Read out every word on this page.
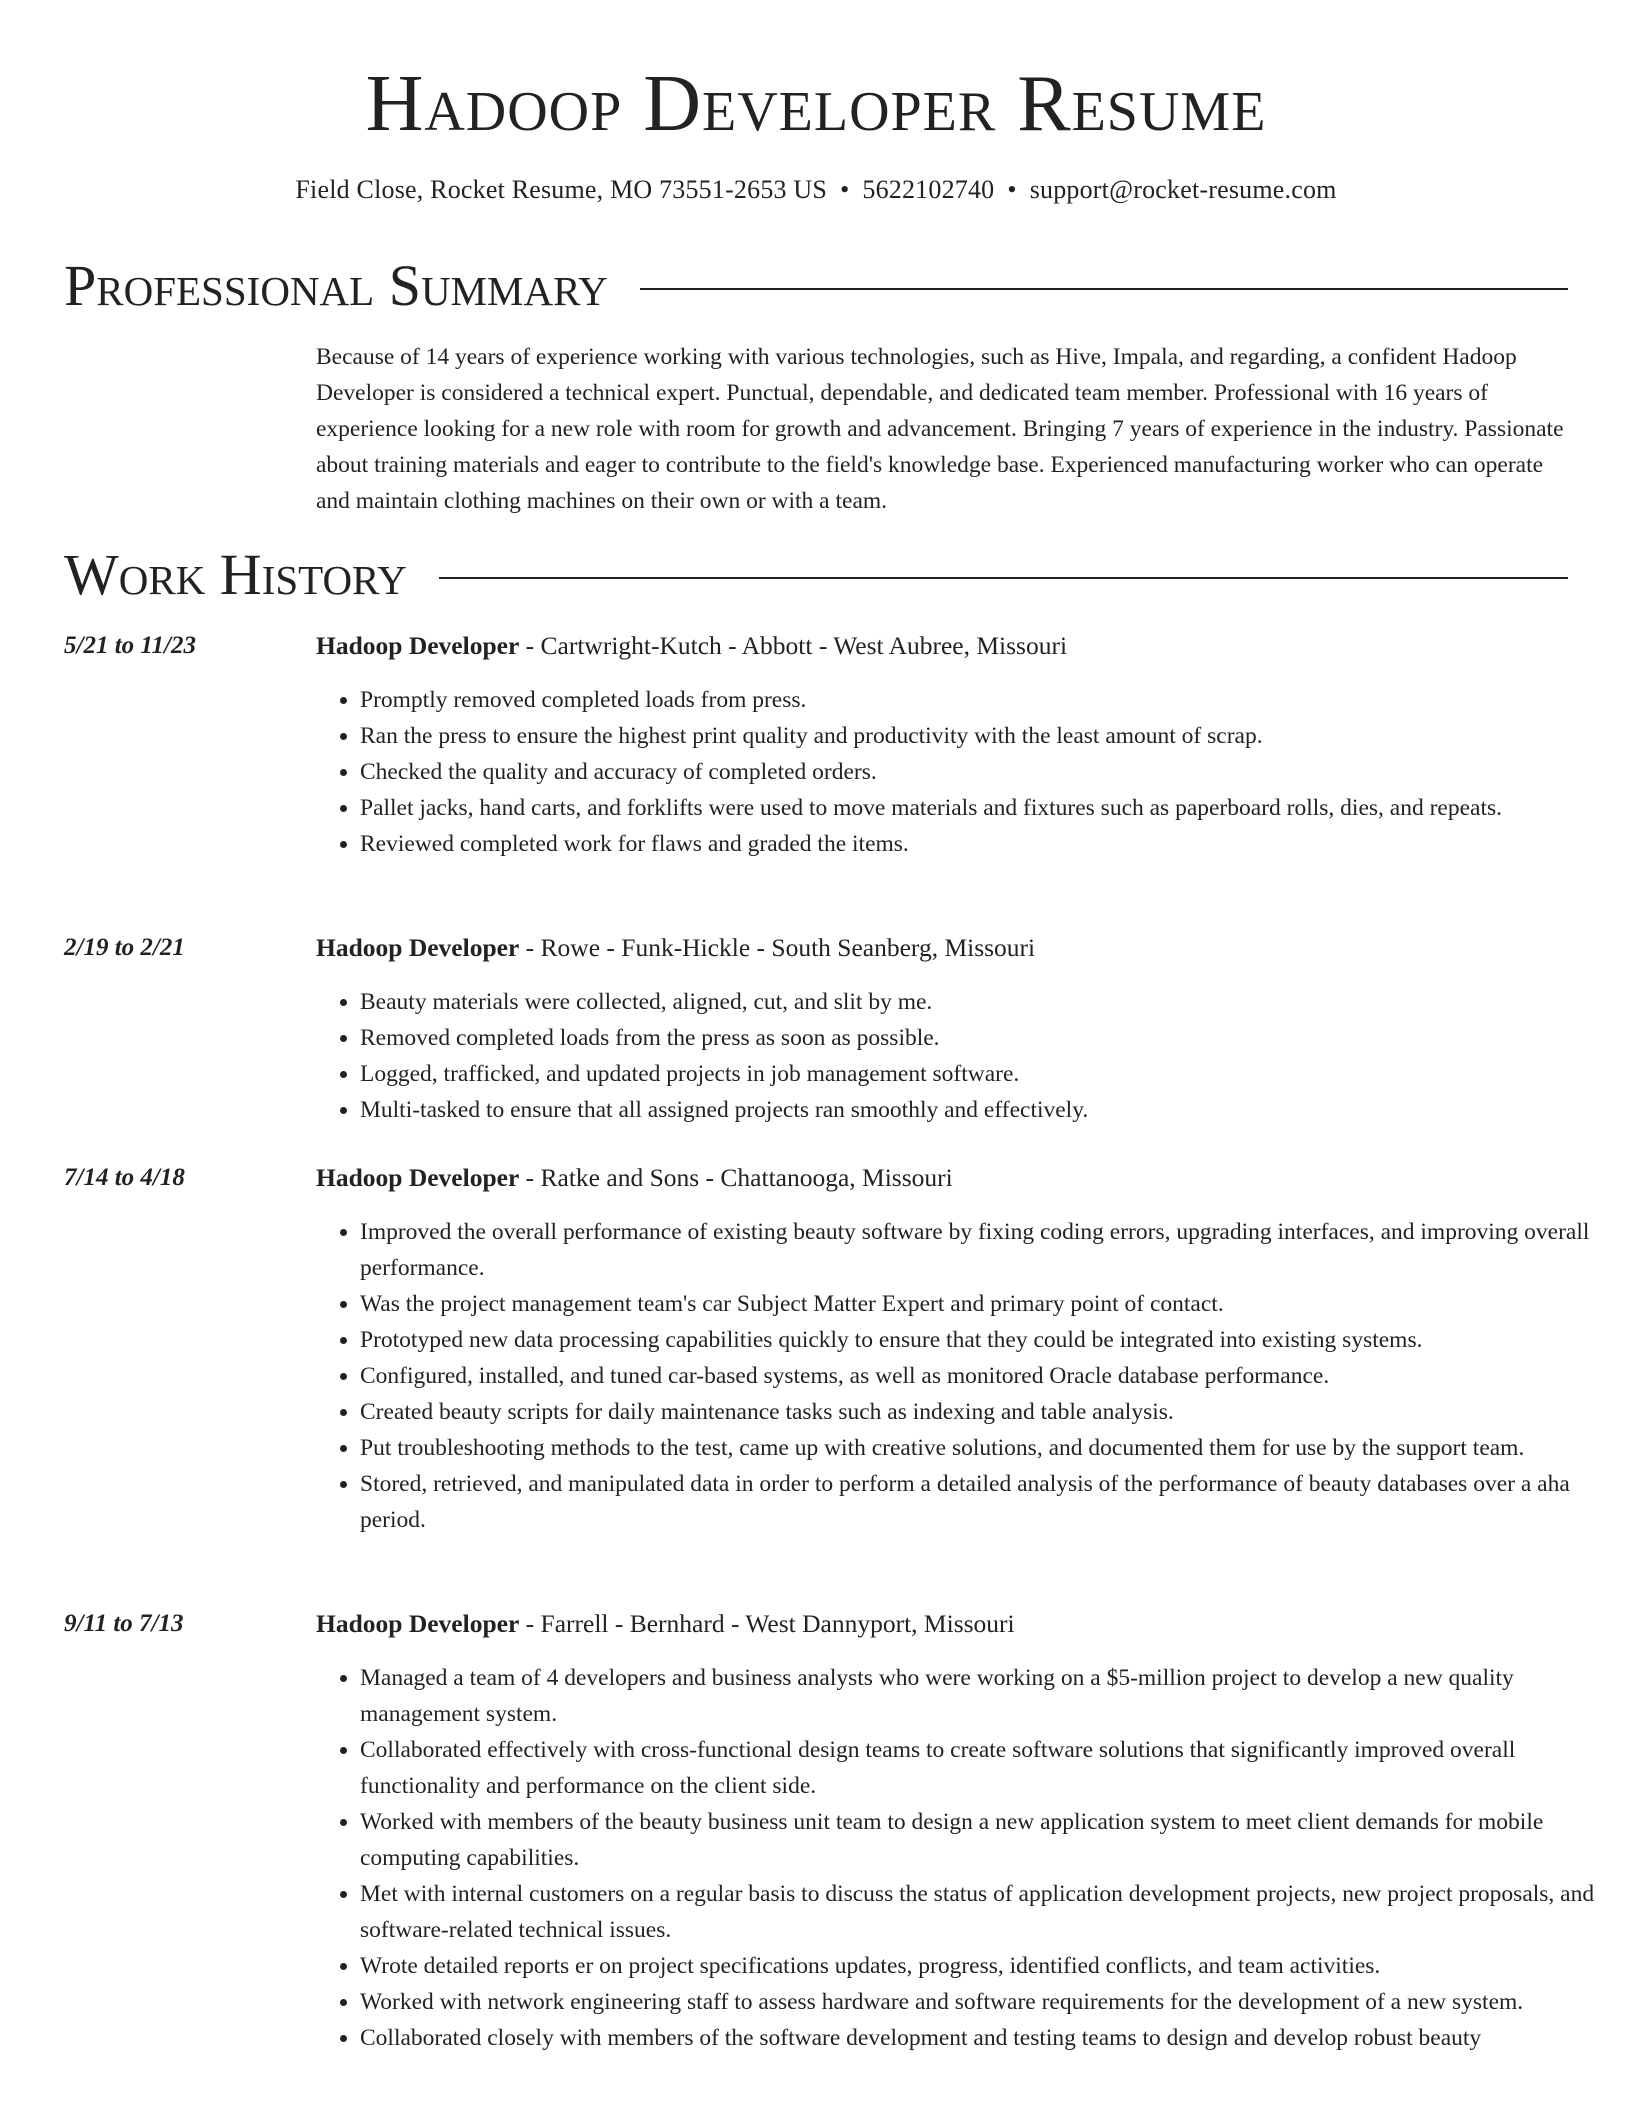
Hadoop Developer Resume
Field Close, Rocket Resume, MO 73551-2653 US • 5622102740 • support@rocket-resume.com
Professional Summary

Because of 14 years of experience working with various technologies, such as Hive, Impala, and regarding, a confident Hadoop Developer is considered a technical expert. Punctual, dependable, and dedicated team member. Professional with 16 years of experience looking for a new role with room for growth and advancement. Bringing 7 years of experience in the industry. Passionate about training materials and eager to contribute to the field's knowledge base. Experienced manufacturing worker who can operate and maintain clothing machines on their own or with a team.

Work History
5/21 to 11/23	Hadoop Developer - Cartwright-Kutch - Abbott - West Aubree, Missouri
• Promptly removed completed loads from press.
• Ran the press to ensure the highest print quality and productivity with the least amount of scrap.
• Checked the quality and accuracy of completed orders.
• Pallet jacks, hand carts, and forklifts were used to move materials and fixtures such as paperboard rolls, dies, and repeats.
• Reviewed completed work for flaws and graded the items.
2/19 to 2/21	Hadoop Developer - Rowe - Funk-Hickle - South Seanberg, Missouri
• Beauty materials were collected, aligned, cut, and slit by me.
• Removed completed loads from the press as soon as possible.
• Logged, trafficked, and updated projects in job management software.
• Multi-tasked to ensure that all assigned projects ran smoothly and effectively.
7/14 to 4/18	Hadoop Developer - Ratke and Sons - Chattanooga, Missouri
• Improved the overall performance of existing beauty software by fixing coding errors, upgrading interfaces, and improving overall performance.
• Was the project management team's car Subject Matter Expert and primary point of contact.
• Prototyped new data processing capabilities quickly to ensure that they could be integrated into existing systems.
• Configured, installed, and tuned car-based systems, as well as monitored Oracle database performance.
• Created beauty scripts for daily maintenance tasks such as indexing and table analysis.
• Put troubleshooting methods to the test, came up with creative solutions, and documented them for use by the support team.
• Stored, retrieved, and manipulated data in order to perform a detailed analysis of the performance of beauty databases over a aha period.
9/11 to 7/13	Hadoop Developer - Farrell - Bernhard - West Dannyport, Missouri
• Managed a team of 4 developers and business analysts who were working on a $5-million project to develop a new quality management system.
• Collaborated effectively with cross-functional design teams to create software solutions that significantly improved overall functionality and performance on the client side.
• Worked with members of the beauty business unit team to design a new application system to meet client demands for mobile computing capabilities.
• Met with internal customers on a regular basis to discuss the status of application development projects, new project proposals, and software-related technical issues.
• Wrote detailed reports er on project specifications updates, progress, identified conflicts, and team activities.
• Worked with network engineering staff to assess hardware and software requirements for the development of a new system.
• Collaborated closely with members of the software development and testing teams to design and develop robust beauty
